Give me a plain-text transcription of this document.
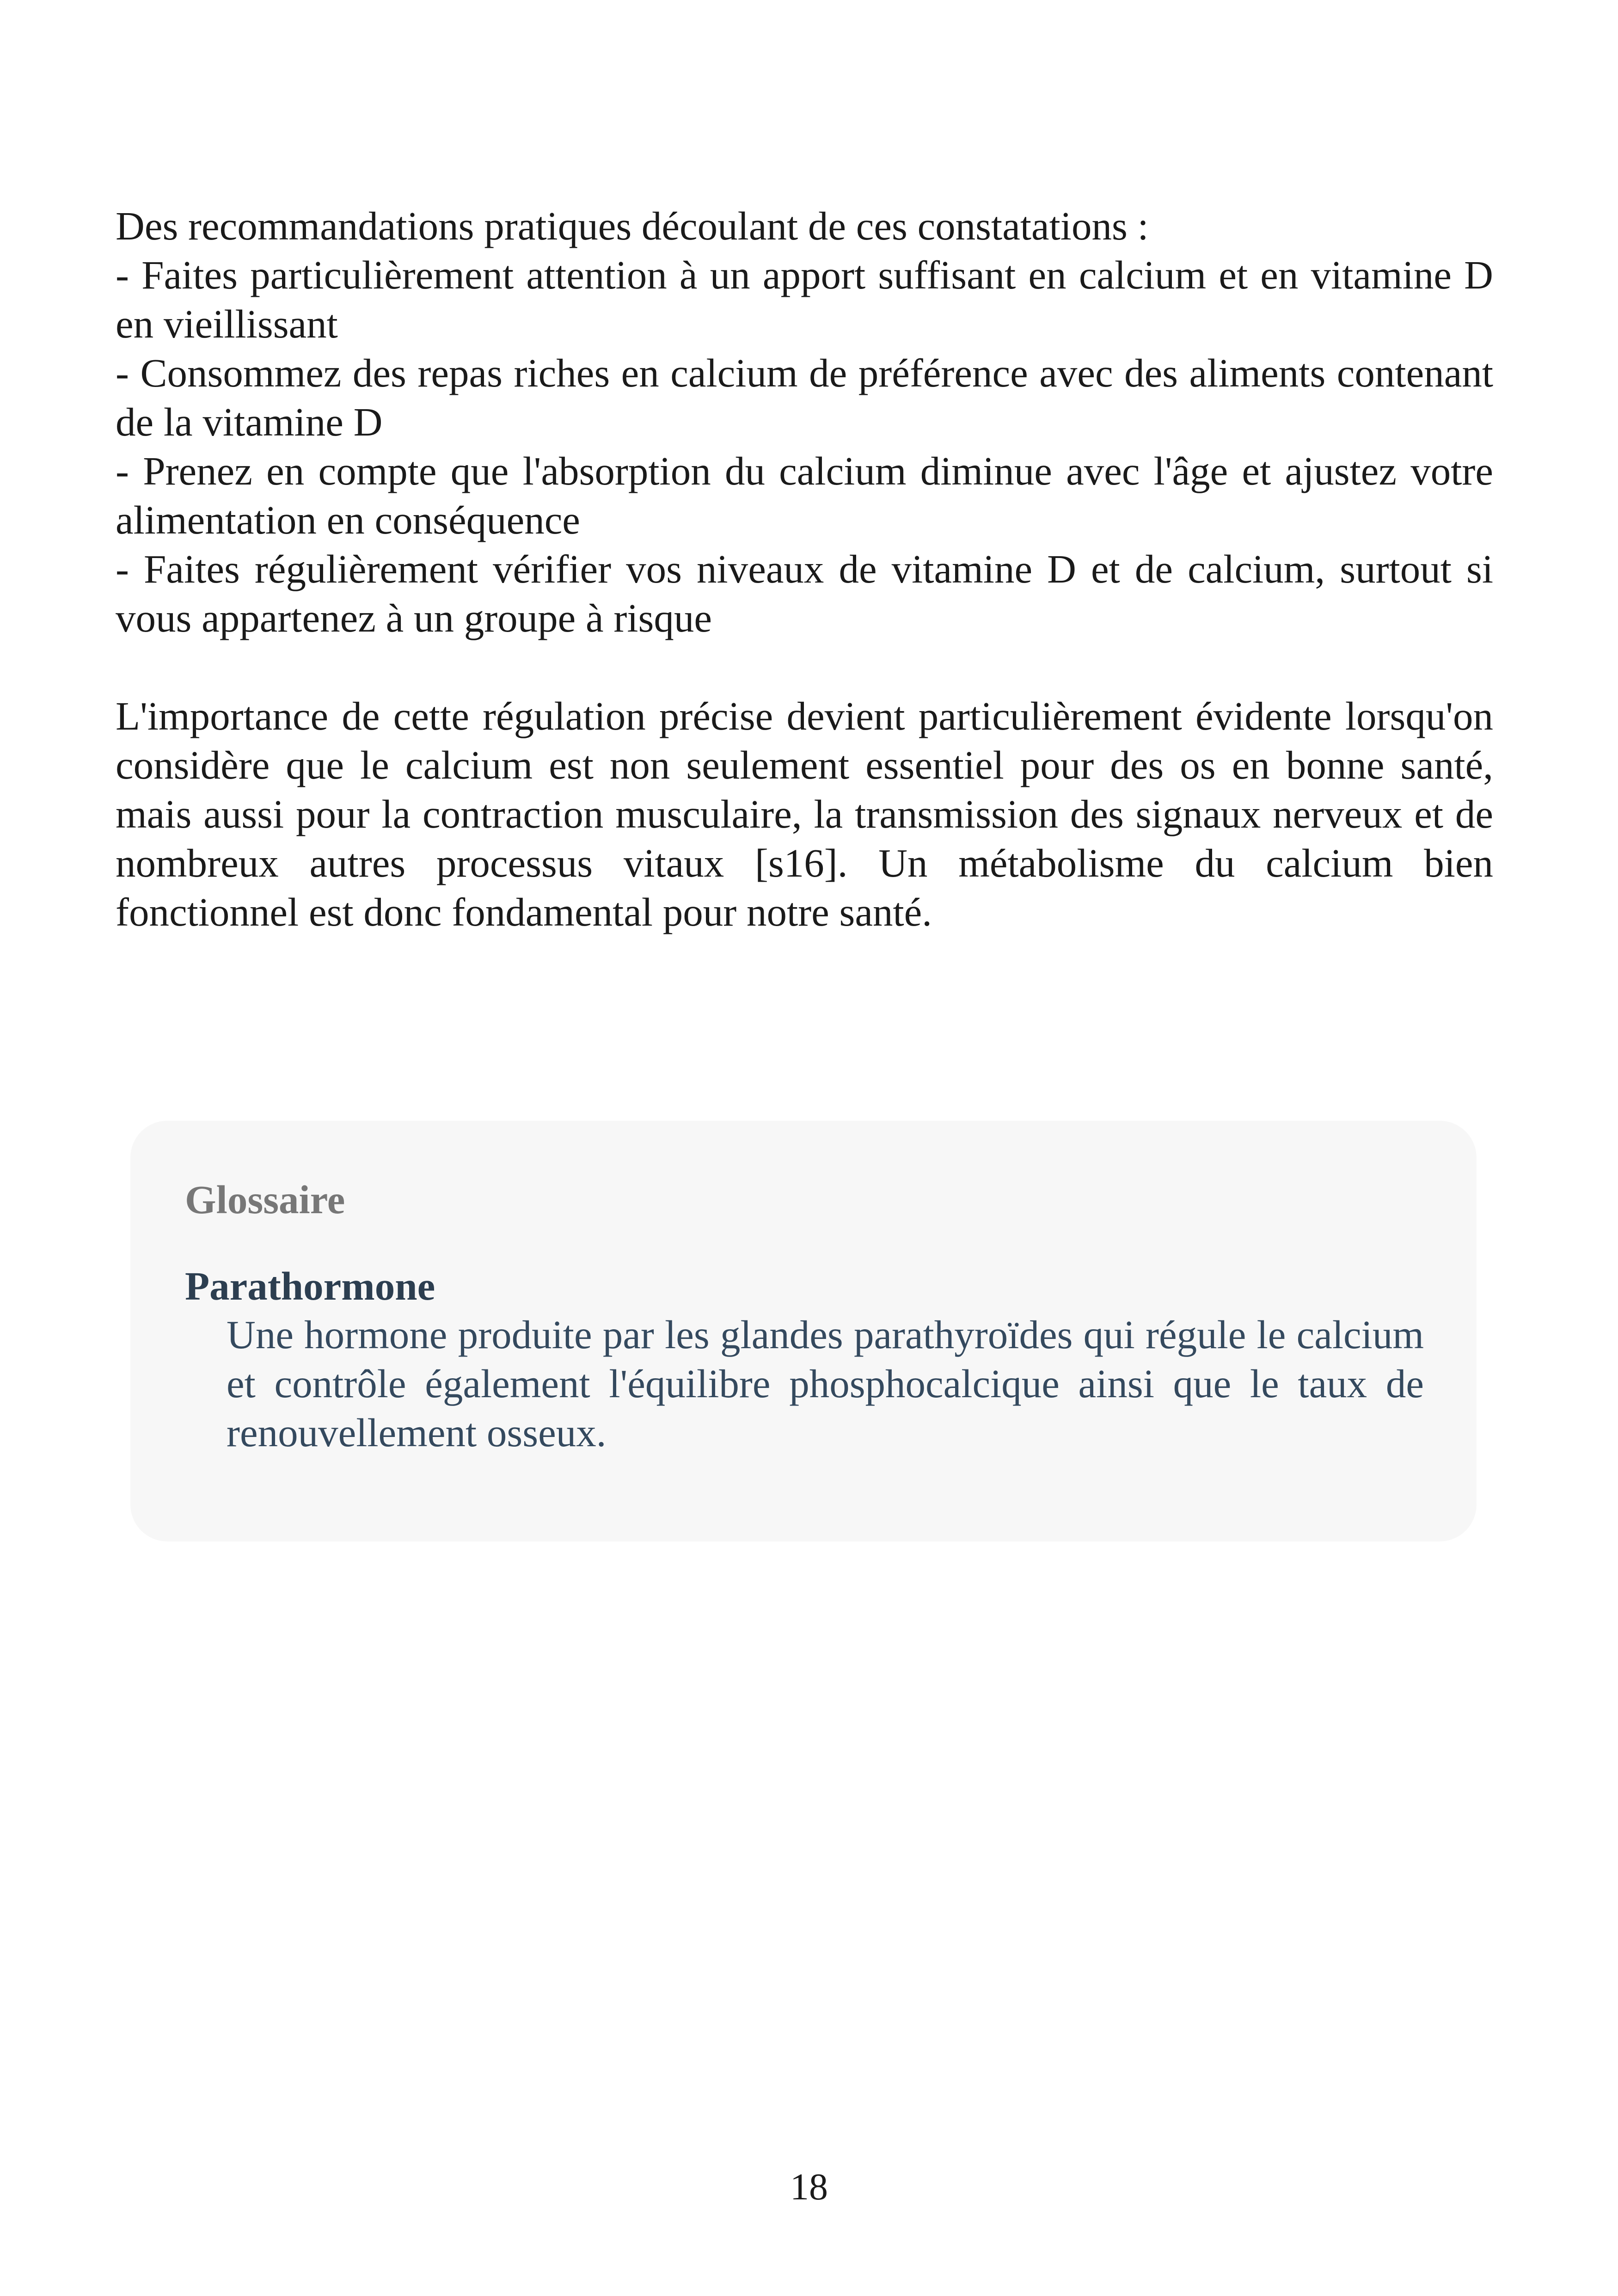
Des recommandations pratiques découlant de ces constatations :

- Faites particulièrement attention à un apport suffisant en calcium et en vitamine D en vieillissant

- Consommez des repas riches en calcium de préférence avec des aliments contenant de la vitamine D

- Prenez en compte que l'absorption du calcium diminue avec l'âge et ajustez votre alimentation en conséquence

- Faites régulièrement vérifier vos niveaux de vitamine D et de calcium, surtout si vous appartenez à un groupe à risque

L'importance de cette régulation précise devient particulièrement évidente lorsqu'on considère que le calcium est non seulement essentiel pour des os en bonne santé, mais aussi pour la contraction musculaire, la transmission des signaux nerveux et de nombreux autres processus vitaux [s16]. Un métabolisme du calcium bien fonctionnel est donc fondamental pour notre santé.

Glossaire
Parathormone

Une hormone produite par les glandes parathyroïdes qui régule le calcium et contrôle également l'équilibre phosphocalcique ainsi que le taux de renouvellement osseux.

18
